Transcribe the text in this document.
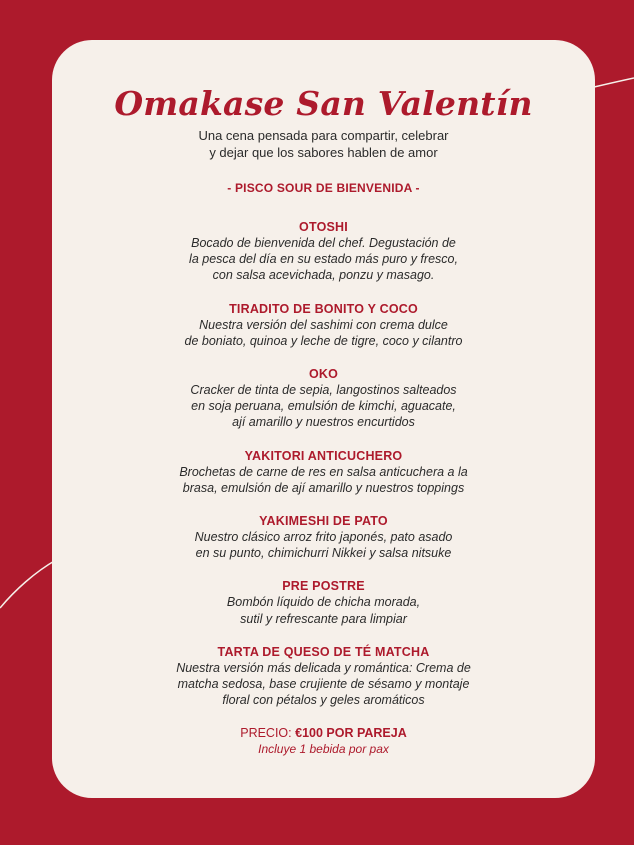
Omakase San Valentín
Una cena pensada para compartir, celebrar
y dejar que los sabores hablen de amor
- PISCO SOUR DE BIENVENIDA -
OTOSHI

Bocado de bienvenida del chef. Degustación de

la pesca del día en su estado más puro y fresco,

con salsa acevichada, ponzu y masago.

TIRADITO DE BONITO Y COCO

Nuestra versión del sashimi con crema dulce

de boniato, quinoa y leche de tigre, coco y cilantro

OKO

Cracker de tinta de sepia, langostinos salteados

en soja peruana, emulsión de kimchi, aguacate,

ají amarillo y nuestros encurtidos

YAKITORI ANTICUCHERO

Brochetas de carne de res en salsa anticuchera a la

brasa, emulsión de ají amarillo y nuestros toppings

YAKIMESHI DE PATO

Nuestro clásico arroz frito japonés, pato asado

en su punto, chimichurri Nikkei y salsa nitsuke

PRE POSTRE

Bombón líquido de chicha morada,

sutil y refrescante para limpiar

TARTA DE QUESO DE TÉ MATCHA

Nuestra versión más delicada y romántica: Crema de

matcha sedosa, base crujiente de sésamo y montaje

floral con pétalos y geles aromáticos

PRECIO: €100 POR PAREJA
Incluye 1 bebida por pax
